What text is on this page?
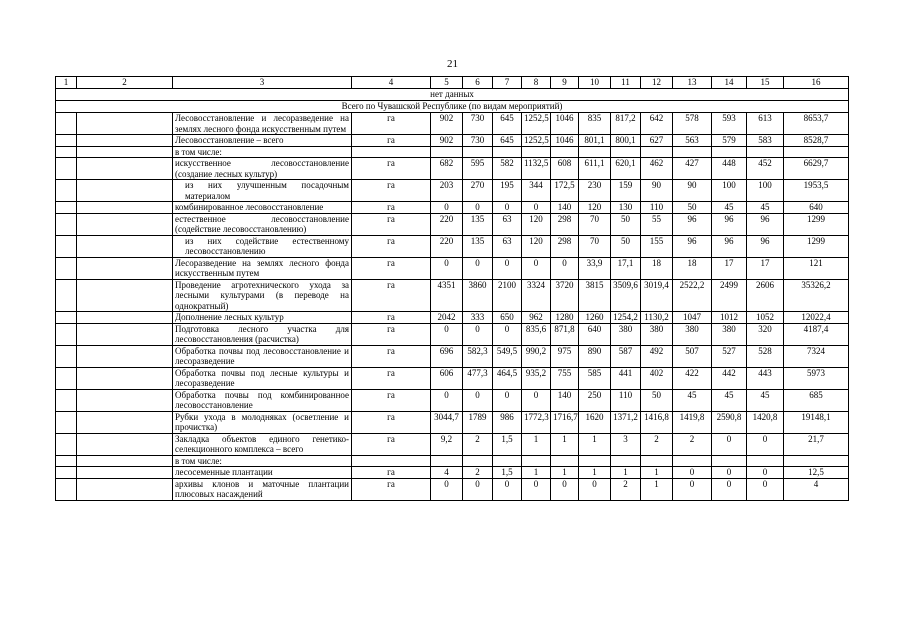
21
1	2	3	4	5	6	7	8	9	10	11	12	13	14	15	16
нет данных															
Всего по Чувашской Республике (по видам мероприятий)															
		Лесовосстановление и лесоразведение на землях лесного фонда искусственным путем	га	902	730	645	1252,5	1046	835	817,2	642	578	593	613	8653,7
		Лесовосстановление – всего	га	902	730	645	1252,5	1046	801,1	800,1	627	563	579	583	8528,7
		в том числе:													
		искусственное лесовосстановление (создание лесных культур)	га	682	595	582	1132,5	608	611,1	620,1	462	427	448	452	6629,7
		из них улучшенным посадочным материалом	га	203	270	195	344	172,5	230	159	90	90	100	100	1953,5
		комбинированное лесовосстановление	га	0	0	0	0	140	120	130	110	50	45	45	640
		естественное лесовосстановление (содействие лесовосстановлению)	га	220	135	63	120	298	70	50	55	96	96	96	1299
		из них содействие естественному лесовосстановлению	га	220	135	63	120	298	70	50	155	96	96	96	1299
		Лесоразведение на землях лесного фонда искусственным путем	га	0	0	0	0	0	33,9	17,1	18	18	17	17	121
		Проведение агротехнического ухода за лесными культурами (в переводе на однократный)	га	4351	3860	2100	3324	3720	3815	3509,6	3019,4	2522,2	2499	2606	35326,2
		Дополнение лесных культур	га	2042	333	650	962	1280	1260	1254,2	1130,2	1047	1012	1052	12022,4
		Подготовка лесного участка для лесовосстановления (расчистка)	га	0	0	0	835,6	871,8	640	380	380	380	380	320	4187,4
		Обработка почвы под лесовосстановление и лесоразведение	га	696	582,3	549,5	990,2	975	890	587	492	507	527	528	7324
		Обработка почвы под лесные культуры и лесоразведение	га	606	477,3	464,5	935,2	755	585	441	402	422	442	443	5973
		Обработка почвы под комбинированное лесовосстановление	га	0	0	0	0	140	250	110	50	45	45	45	685
		Рубки ухода в молодняках (осветление и прочистка)	га	3044,7	1789	986	1772,3	1716,7	1620	1371,2	1416,8	1419,8	2590,8	1420,8	19148,1
		Закладка объектов единого генетико-селекционного комплекса – всего	га	9,2	2	1,5	1	1	1	3	2	2	0	0	21,7
		в том числе:													
		лесосеменные плантации	га	4	2	1,5	1	1	1	1	1	0	0	0	12,5
		архивы клонов и маточные плантации плюсовых насаждений	га	0	0	0	0	0	0	2	1	0	0	0	4
